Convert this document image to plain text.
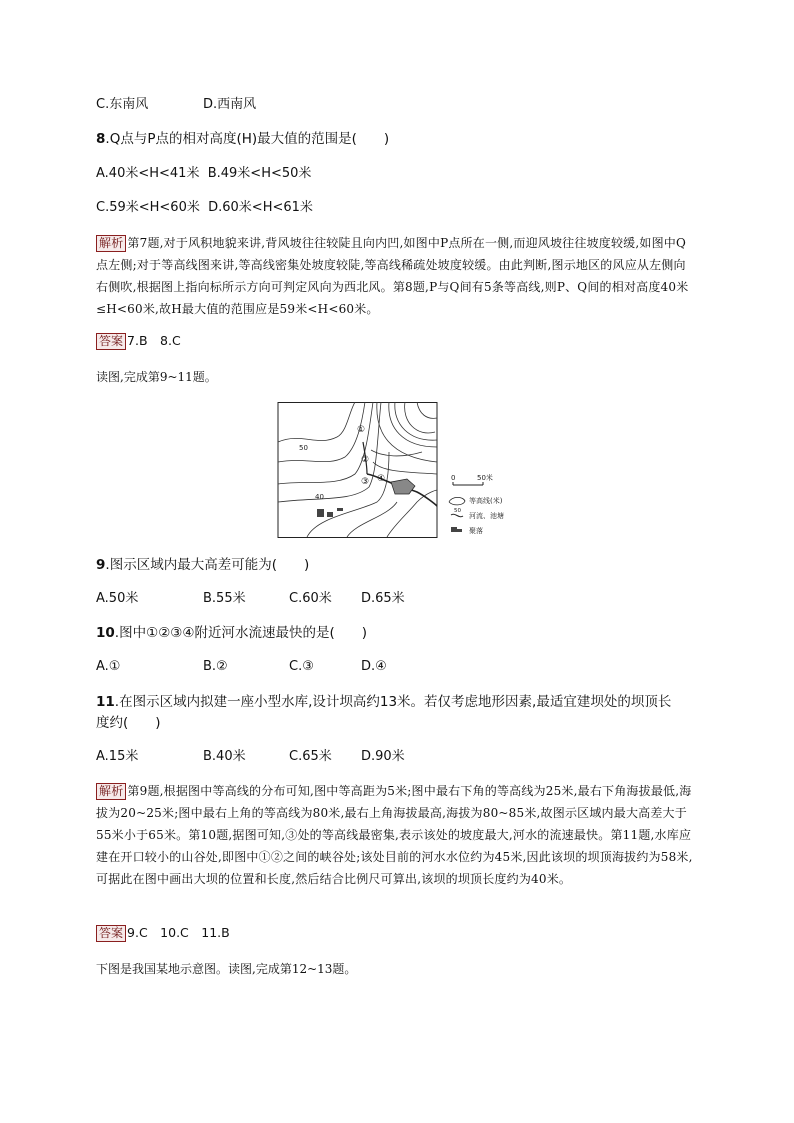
C.东南风	D.西南风
8.Q点与P点的相对高度(H)最大值的范围是(　　)
A.40米<H<41米  B.49米<H<50米
C.59米<H<60米  D.60米<H<61米
解析 第7题,对于风积地貌来讲,背风坡往往较陡且向内凹,如图中P点所在一侧,而迎风坡往往坡度较缓,如图中Q点左侧;对于等高线图来讲,等高线密集处坡度较陡,等高线稀疏处坡度较缓。由此判断,图示地区的风应从左侧向右侧吹,根据图上指向标所示方向可判定风向为西北风。第8题,P与Q间有5条等高线,则P、Q间的相对高度40米≤H<60米,故H最大值的范围应是59米<H<60米。
答案 7.B　8.C
读图,完成第9~11题。
50
40
①
②
③ ④	0	50米
50
等高线(米)
河流、池塘
聚落
9.图示区域内最大高差可能为(　　)
A.50米	B.55米	C.60米 D.65米
10.图中①②③④附近河水流速最快的是(　　)
A.①	B.②	C.③	D.④
11.在图示区域内拟建一座小型水库,设计坝高约13米。若仅考虑地形因素,最适宜建坝处的坝顶长
度约(　　)
A.15米	B.40米	C.65米 D.90米
解析 第9题,根据图中等高线的分布可知,图中等高距为5米;图中最右下角的等高线为25米,最右下角海拔最低,海拔为20~25米;图中最右上角的等高线为80米,最右上角海拔最高,海拔为80~85米,故图示区域内最大高差大于55米小于65米。第10题,据图可知,③处的等高线最密集,表示该处的坡度最大,河水的流速最快。第11题,水库应建在开口较小的山谷处,即图中①②之间的峡谷处;该处目前的河水水位约为45米,因此该坝的坝顶海拔约为58米,可据此在图中画出大坝的位置和长度,然后结合比例尺可算出,该坝的坝顶长度约为40米。
答案 9.C　10.C　11.B
下图是我国某地示意图。读图,完成第12~13题。
